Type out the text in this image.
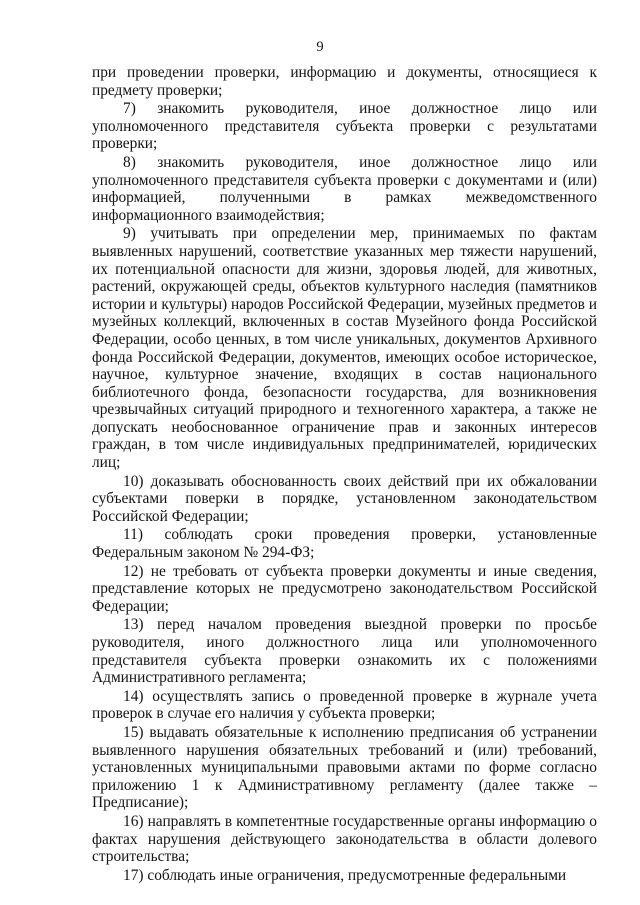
9

при проведении проверки, информацию и документы, относящиеся к предмету проверки;

7) знакомить руководителя, иное должностное лицо или уполномоченного представителя субъекта проверки с результатами проверки;

8) знакомить руководителя, иное должностное лицо или уполномоченного представителя субъекта проверки с документами и (или) информацией, полученными в рамках межведомственного информационного взаимодействия;

9) учитывать при определении мер, принимаемых по фактам выявленных нарушений, соответствие указанных мер тяжести нарушений, их потенциальной опасности для жизни, здоровья людей, для животных, растений, окружающей среды, объектов культурного наследия (памятников истории и культуры) народов Российской Федерации, музейных предметов и музейных коллекций, включенных в состав Музейного фонда Российской Федерации, особо ценных, в том числе уникальных, документов Архивного фонда Российской Федерации, документов, имеющих особое историческое, научное, культурное значение, входящих в состав национального библиотечного фонда, безопасности государства, для возникновения чрезвычайных ситуаций природного и техногенного характера, а также не допускать необоснованное ограничение прав и законных интересов граждан, в том числе индивидуальных предпринимателей, юридических лиц;

10) доказывать обоснованность своих действий при их обжаловании субъектами поверки в порядке, установленном законодательством Российской Федерации;

11) соблюдать сроки проведения проверки, установленные Федеральным законом № 294-ФЗ;

12) не требовать от субъекта проверки документы и иные сведения, представление которых не предусмотрено законодательством Российской Федерации;

13) перед началом проведения выездной проверки по просьбе руководителя, иного должностного лица или уполномоченного представителя субъекта проверки ознакомить их с положениями Административного регламента;

14) осуществлять запись о проведенной проверке в журнале учета проверок в случае его наличия у субъекта проверки;

15) выдавать обязательные к исполнению предписания об устранении выявленного нарушения обязательных требований и (или) требований, установленных муниципальными правовыми актами по форме согласно приложению 1 к Административному регламенту (далее также – Предписание);

16) направлять в компетентные государственные органы информацию о фактах нарушения действующего законодательства в области долевого строительства;

17) соблюдать иные ограничения, предусмотренные федеральными
